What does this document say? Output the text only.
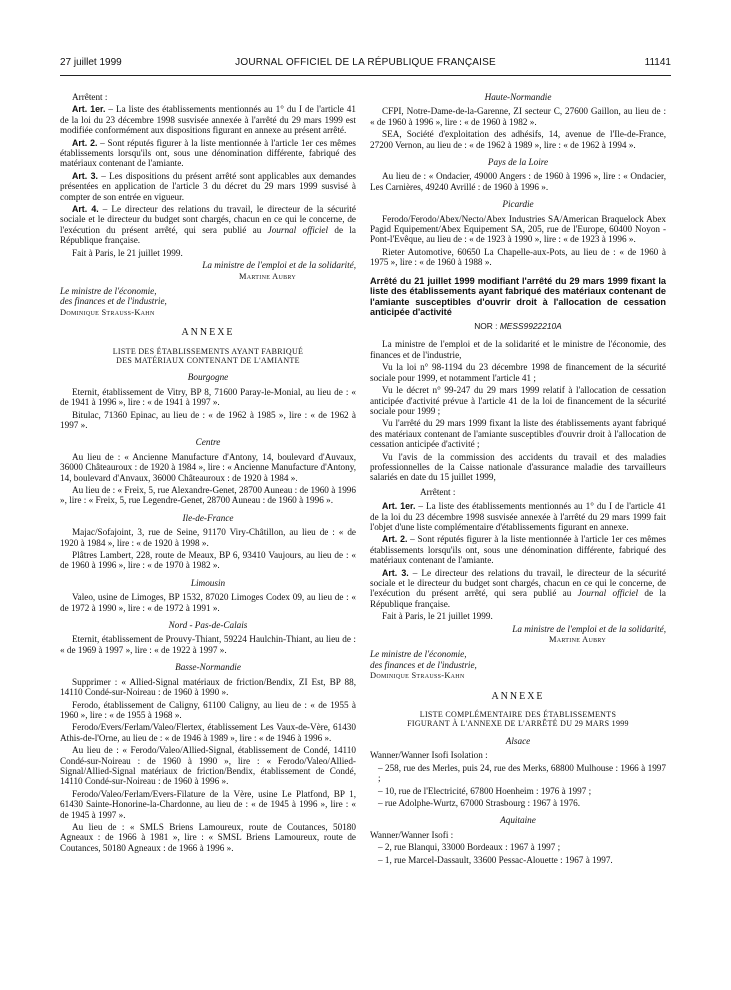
27 juillet 1999	JOURNAL OFFICIEL DE LA RÉPUBLIQUE FRANÇAISE	11141

Arrêtent :

Art. 1er. – La liste des établissements mentionnés au 1° du I de l'article 41 de la loi du 23 décembre 1998 susvisée annexée à l'arrêté du 29 mars 1999 est modifiée conformément aux dispositions figurant en annexe au présent arrêté.

Art. 2. – Sont réputés figurer à la liste mentionnée à l'article 1er ces mêmes établissements lorsqu'ils ont, sous une dénomination différente, fabriqué des matériaux contenant de l'amiante.

Art. 3. – Les dispositions du présent arrêté sont applicables aux demandes présentées en application de l'article 3 du décret du 29 mars 1999 susvisé à compter de son entrée en vigueur.

Art. 4. – Le directeur des relations du travail, le directeur de la sécurité sociale et le directeur du budget sont chargés, chacun en ce qui le concerne, de l'exécution du présent arrêté, qui sera publié au Journal officiel de la République française.

Fait à Paris, le 21 juillet 1999.

La ministre de l'emploi et de la solidarité,

Martine Aubry

Le ministre de l'économie,

des finances et de l'industrie,

Dominique Strauss-Kahn

ANNEXE
LISTE DES ÉTABLISSEMENTS AYANT FABRIQUÉ
DES MATÉRIAUX CONTENANT DE L'AMIANTE
Bourgogne

Eternit, établissement de Vitry, BP 8, 71600 Paray-le-Monial, au lieu de : « de 1941 à 1996 », lire : « de 1941 à 1997 ».

Bitulac, 71360 Epinac, au lieu de : « de 1962 à 1985 », lire : « de 1962 à 1997 ».

Centre

Au lieu de : « Ancienne Manufacture d'Antony, 14, boulevard d'Auvaux, 36000 Châteauroux : de 1920 à 1984 », lire : « Ancienne Manufacture d'Antony, 14, boulevard d'Anvaux, 36000 Châteauroux : de 1920 à 1984 ».

Au lieu de : « Freix, 5, rue Alexandre-Genet, 28700 Auneau : de 1960 à 1996 », lire : « Freix, 5, rue Legendre-Genet, 28700 Auneau : de 1960 à 1996 ».

Ile-de-France

Majac/Sofajoint, 3, rue de Seine, 91170 Viry-Châtillon, au lieu de : « de 1920 à 1984 », lire : « de 1920 à 1998 ».

Plâtres Lambert, 228, route de Meaux, BP 6, 93410 Vaujours, au lieu de : « de 1960 à 1996 », lire : « de 1970 à 1982 ».

Limousin

Valeo, usine de Limoges, BP 1532, 87020 Limoges Codex 09, au lieu de : « de 1972 à 1990 », lire : « de 1972 à 1991 ».

Nord - Pas-de-Calais

Eternit, établissement de Prouvy-Thiant, 59224 Haulchin-Thiant, au lieu de : « de 1969 à 1997 », lire : « de 1922 à 1997 ».

Basse-Normandie

Supprimer : « Allied-Signal matériaux de friction/Bendix, ZI Est, BP 88, 14110 Condé-sur-Noireau : de 1960 à 1990 ».

Ferodo, établissement de Caligny, 61100 Caligny, au lieu de : « de 1955 à 1960 », lire : « de 1955 à 1968 ».

Ferodo/Evers/Ferlam/Valeo/Flertex, établissement Les Vaux-de-Vère, 61430 Athis-de-l'Orne, au lieu de : « de 1946 à 1989 », lire : « de 1946 à 1996 ».

Au lieu de : « Ferodo/Valeo/Allied-Signal, établissement de Condé, 14110 Condé-sur-Noireau : de 1960 à 1990 », lire : « Ferodo/Valeo/Allied-Signal/Allied-Signal matériaux de friction/Bendix, établissement de Condé, 14110 Condé-sur-Noireau : de 1960 à 1996 ».

Ferodo/Valeo/Ferlam/Evers-Filature de la Vère, usine Le Platfond, BP 1, 61430 Sainte-Honorine-la-Chardonne, au lieu de : « de 1945 à 1996 », lire : « de 1945 à 1997 ».

Au lieu de : « SMLS Briens Lamoureux, route de Coutances, 50180 Agneaux : de 1966 à 1981 », lire : « SMSL Briens Lamoureux, route de Coutances, 50180 Agneaux : de 1966 à 1996 ».

Haute-Normandie

CFPI, Notre-Dame-de-la-Garenne, ZI secteur C, 27600 Gaillon, au lieu de : « de 1960 à 1996 », lire : « de 1960 à 1982 ».

SEA, Société d'exploitation des adhésifs, 14, avenue de l'Ile-de-France, 27200 Vernon, au lieu de : « de 1962 à 1989 », lire : « de 1962 à 1994 ».

Pays de la Loire

Au lieu de : « Ondacier, 49000 Angers : de 1960 à 1996 », lire : « Ondacier, Les Carnières, 49240 Avrillé : de 1960 à 1996 ».

Picardie

Ferodo/Ferodo/Abex/Necto/Abex Industries SA/American Braquelock Abex Pagid Equipement/Abex Equipement SA, 205, rue de l'Europe, 60400 Noyon - Pont-l'Evêque, au lieu de : « de 1923 à 1990 », lire : « de 1923 à 1996 ».

Rieter Automotive, 60650 La Chapelle-aux-Pots, au lieu de : « de 1960 à 1975 », lire : « de 1960 à 1988 ».

Arrêté du 21 juillet 1999 modifiant l'arrêté du 29 mars 1999 fixant la liste des établissements ayant fabriqué des matériaux contenant de l'amiante susceptibles d'ouvrir droit à l'allocation de cessation anticipée d'activité
NOR : MESS9922210A

La ministre de l'emploi et de la solidarité et le ministre de l'économie, des finances et de l'industrie,

Vu la loi n° 98-1194 du 23 décembre 1998 de financement de la sécurité sociale pour 1999, et notamment l'article 41 ;

Vu le décret n° 99-247 du 29 mars 1999 relatif à l'allocation de cessation anticipée d'activité prévue à l'article 41 de la loi de financement de la sécurité sociale pour 1999 ;

Vu l'arrêté du 29 mars 1999 fixant la liste des établissements ayant fabriqué des matériaux contenant de l'amiante susceptibles d'ouvrir droit à l'allocation de cessation anticipée d'activité ;

Vu l'avis de la commission des accidents du travail et des maladies professionnelles de la Caisse nationale d'assurance maladie des tarvailleurs salariés en date du 15 juillet 1999,

Arrêtent :

Art. 1er. – La liste des établissements mentionnés au 1° du I de l'article 41 de la loi du 23 décembre 1998 susvisée annexée à l'arrêté du 29 mars 1999 fait l'objet d'une liste complémentaire d'établissements figurant en annexe.

Art. 2. – Sont réputés figurer à la liste mentionnée à l'article 1er ces mêmes établissements lorsqu'ils ont, sous une dénomination différente, fabriqué des matériaux contenant de l'amiante.

Art. 3. – Le directeur des relations du travail, le directeur de la sécurité sociale et le directeur du budget sont chargés, chacun en ce qui le concerne, de l'exécution du présent arrêté, qui sera publié au Journal officiel de la République française.

Fait à Paris, le 21 juillet 1999.

La ministre de l'emploi et de la solidarité,

Martine Aubry

Le ministre de l'économie,

des finances et de l'industrie,

Dominique Strauss-Kahn

ANNEXE
LISTE COMPLÉMENTAIRE DES ÉTABLISSEMENTS
FIGURANT À L'ANNEXE DE L'ARRÊTÉ DU 29 MARS 1999
Alsace

Wanner/Wanner Isofi Isolation :

– 258, rue des Merles, puis 24, rue des Merks, 68800 Mulhouse : 1966 à 1997 ;

– 10, rue de l'Electricité, 67800 Hoenheim : 1976 à 1997 ;

– rue Adolphe-Wurtz, 67000 Strasbourg : 1967 à 1976.

Aquitaine

Wanner/Wanner Isofi :

– 2, rue Blanqui, 33000 Bordeaux : 1967 à 1997 ;

– 1, rue Marcel-Dassault, 33600 Pessac-Alouette : 1967 à 1997.
